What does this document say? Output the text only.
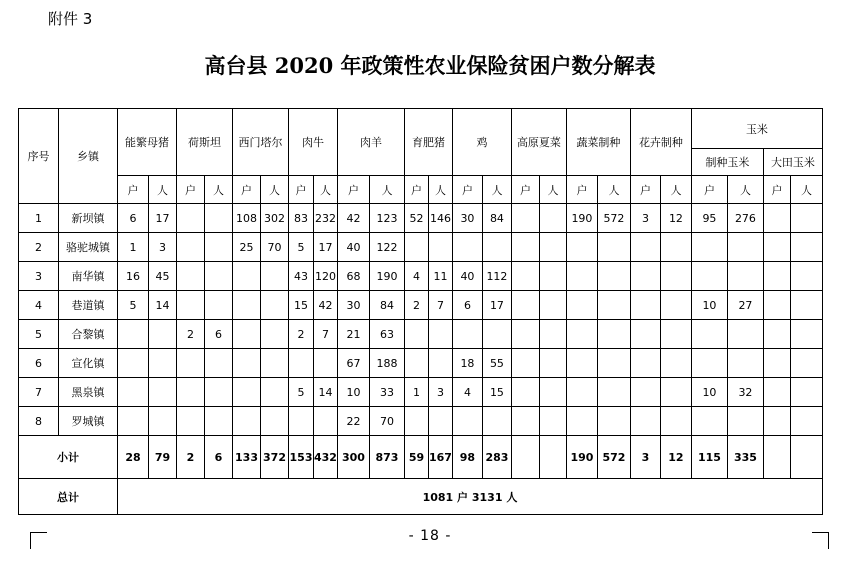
附件 3
高台县 2020 年政策性农业保险贫困户数分解表
序号	乡镇	能繁母猪		荷斯坦		西门塔尔		肉牛		肉羊		育肥猪		鸡		高原夏菜		蔬菜制种		花卉制种		玉米			
																						制种玉米		大田玉米	
		户	人	户	人	户	人	户	人	户	人	户	人	户	人	户	人	户	人	户	人	户	人	户	人
1	新坝镇	6	17			108	302	83	232	42	123	52	146	30	84			190	572	3	12	95	276		
2	骆驼城镇	1	3			25	70	5	17	40	122														
3	南华镇	16	45					43	120	68	190	4	11	40	112										
4	巷道镇	5	14					15	42	30	84	2	7	6	17							10	27		
5	合黎镇			2	6			2	7	21	63														
6	宣化镇									67	188			18	55										
7	黑泉镇							5	14	10	33	1	3	4	15							10	32		
8	罗城镇									22	70														
小计		28	79	2	6	133	372	153	432	300	873	59	167	98	283			190	572	3	12	115	335		
总计		1081 户 3131 人																							
- 18 -
